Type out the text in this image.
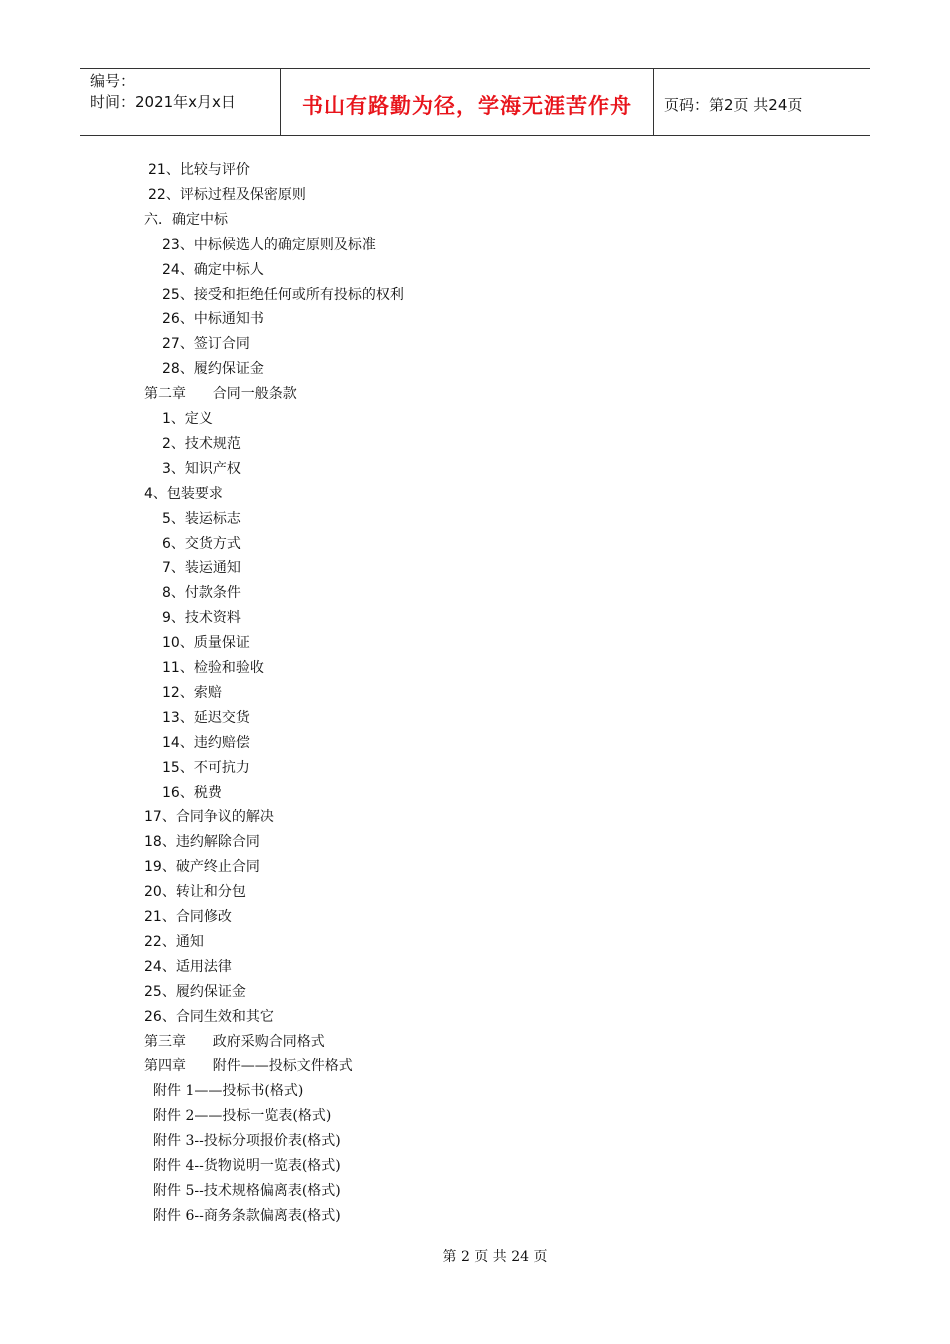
编号：
时间：2021年x月x日	书山有路勤为径，学海无涯苦作舟 页码：第2页 共24页
21、比较与评价
22、评标过程及保密原则
六．确定中标
23、中标候选人的确定原则及标准
24、确定中标人
25、接受和拒绝任何或所有投标的权利
26、中标通知书
27、签订合同
28、履约保证金
第二章      合同一般条款
1、定义
2、技术规范
3、知识产权
4、包装要求
5、装运标志
6、交货方式
7、装运通知
8、付款条件
9、技术资料
10、质量保证
11、检验和验收
12、索赔
13、延迟交货
14、违约赔偿
15、不可抗力
16、税费
17、合同争议的解决
18、违约解除合同
19、破产终止合同
20、转让和分包
21、合同修改
22、通知
24、适用法律
25、履约保证金
26、合同生效和其它
第三章      政府采购合同格式
第四章      附件——投标文件格式
附件 1——投标书(格式)
附件 2——投标一览表(格式)
附件 3--投标分项报价表(格式)
附件 4--货物说明一览表(格式)
附件 5--技术规格偏离表(格式)
附件 6--商务条款偏离表(格式)
第 2 页 共 24 页
